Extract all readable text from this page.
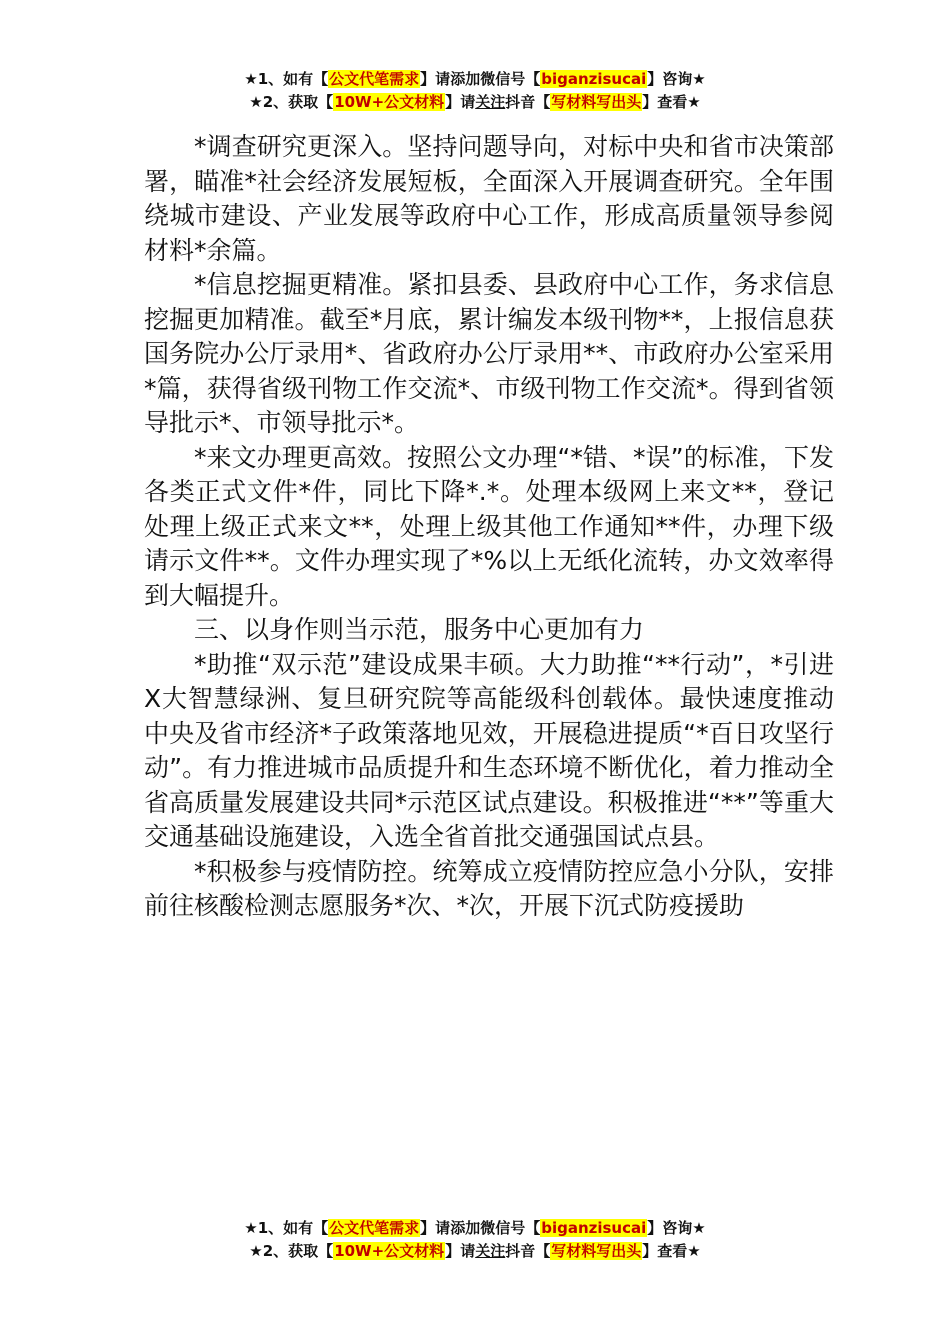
★1、如有【公文代笔需求】请添加微信号【biganzisucai】咨询★
★2、获取【10W+公文材料】请关注抖音【写材料写出头】查看★

*调查研究更深入。坚持问题导向，对标中央和省市决策部署，瞄准*社会经济发展短板，全面深入开展调查研究。全年围绕城市建设、产业发展等政府中心工作，形成高质量领导参阅材料*余篇。

*信息挖掘更精准。紧扣县委、县政府中心工作，务求信息挖掘更加精准。截至*月底，累计编发本级刊物**，上报信息获国务院办公厅录用*、省政府办公厅录用**、市政府办公室采用*篇，获得省级刊物工作交流*、市级刊物工作交流*。得到省领导批示*、市领导批示*。

*来文办理更高效。按照公文办理“*错、*误”的标准，下发各类正式文件*件，同比下降*.*。处理本级网上来文**，登记处理上级正式来文**，处理上级其他工作通知**件，办理下级请示文件**。文件办理实现了*%以上无纸化流转，办文效率得到大幅提升。

三、以身作则当示范，服务中心更加有力

*助推“双示范”建设成果丰硕。大力助推“**行动”，*引进X大智慧绿洲、复旦研究院等高能级科创载体。最快速度推动中央及省市经济*子政策落地见效，开展稳进提质“*百日攻坚行动”。有力推进城市品质提升和生态环境不断优化，着力推动全省高质量发展建设共同*示范区试点建设。积极推进“**”等重大交通基础设施建设，入选全省首批交通强国试点县。

*积极参与疫情防控。统筹成立疫情防控应急小分队，安排前往核酸检测志愿服务*次、*次，开展下沉式防疫援助

★1、如有【公文代笔需求】请添加微信号【biganzisucai】咨询★
★2、获取【10W+公文材料】请关注抖音【写材料写出头】查看★
